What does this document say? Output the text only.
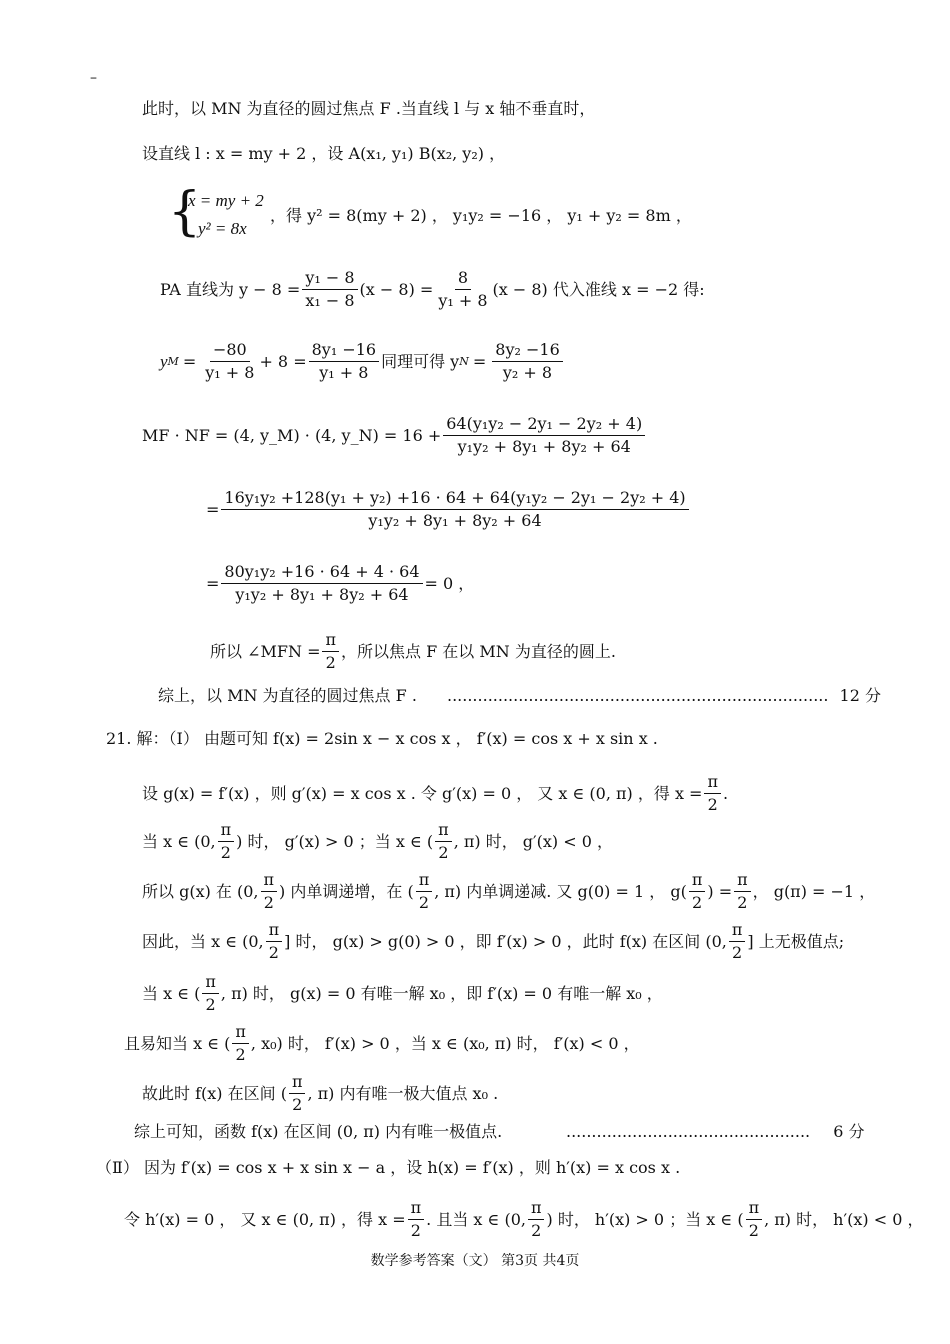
–
此时，以 MN 为直径的圆过焦点 F .当直线 l 与 x 轴不垂直时，
设直线 l : x = my + 2 ，设 A(x₁, y₁) B(x₂, y₂) ，
{
x = my + 2
y² = 8x
，得 y² = 8(my + 2) ， y₁y₂ = −16 ， y₁ + y₂ = 8m ，
PA 直线为 $y - 8 = \frac{\text{y₁ − 8}}{\text{x₁ − 8}} (x - 8) = \frac{8}{\text{y₁ + 8}} (x - 8)$ 代入准线 x = −2 得:
y $M = \frac{-80}{\text{y₁ + 8}} + 8 = \frac{\text{8y₁ −16}}{\text{y₁ + 8}}$ 同理可得 y $N = \frac{\text{8y₂ −16}}{\text{y₂ + 8}}$
MF · NF = (4, y_M) · (4, y_N) = $16 + \frac{\text{64(y₁y₂ − 2y₁ − 2y₂ + 4)}}{\text{y₁y₂ + 8y₁ + 8y₂ + 64}}$
= $\frac{\text{16y₁y₂ +128(y₁ + y₂) +16 · 64 + 64(y₁y₂ − 2y₁ − 2y₂ + 4)}}{\text{y₁y₂ + 8y₁ + 8y₂ + 64}}$
= $\frac{\text{80y₁y₂ +16 · 64 + 4 · 64}}{\text{y₁y₂ + 8y₁ + 8y₂ + 64}} = 0$ ，
所以 ∠MFN = $\frac{\pi}{2}$ ，所以焦点 F 在以 MN 为直径的圆上.
综上，以 MN 为直径的圆过焦点 F . ........................................................................... 12 分
21. 解：（Ⅰ） 由题可知 f(x) = 2sin x − x cos x ， f′(x) = cos x + x sin x .
设 g(x) = f′(x) ，则 g′(x) = x cos x . 令 g′(x) = 0 ， 又 x ∈ (0, π) ，得 $x = \frac{\pi}{2}$ .
当 x ∈ (0, $\frac{\pi}{2}$ ) 时， g′(x) > 0 ；当 x ∈ ( $\frac{\pi}{2}$ , π) 时， g′(x) < 0 ，
所以 g(x) 在 (0, $\frac{\pi}{2}$ ) 内单调递增，在 ( $\frac{\pi}{2}$ , π) 内单调递减. 又 g(0) = 1 ， $g( \frac{\pi}{2}$ ) = $\frac{\pi}{2}$ ， g(π) = −1 ，
因此，当 x ∈ (0, $\frac{\pi}{2}$ ] 时， g(x) > g(0) > 0 ，即 f′(x) > 0 ，此时 f(x) 在区间 (0, $\frac{\pi}{2}$ ] 上无极值点;
当 x ∈ ( $\frac{\pi}{2}$ , π) 时， g(x) = 0 有唯一解 x₀ ，即 f′(x) = 0 有唯一解 x₀ ，
且易知当 x ∈ ( $\frac{\pi}{2}$ , x₀) 时， f′(x) > 0 ，当 x ∈ (x₀, π) 时， f′(x) < 0 ，
故此时 f(x) 在区间 ( $\frac{\pi}{2}$ , π) 内有唯一极大值点 x₀ .
综上可知，函数 f(x) 在区间 (0, π) 内有唯一极值点.	................................................ 6 分
（Ⅱ） 因为 f′(x) = cos x + x sin x − a ，设 h(x) = f′(x) ，则 h′(x) = x cos x .
令 h′(x) = 0 ， 又 x ∈ (0, π) ，得 $x = \frac{\pi}{2}$ . 且当 x ∈ (0, $\frac{\pi}{2}$ ) 时， h′(x) > 0 ；当 x ∈ ( $\frac{\pi}{2}$ , π) 时， h′(x) < 0 ，
数学参考答案（文） 第3页 共4页
